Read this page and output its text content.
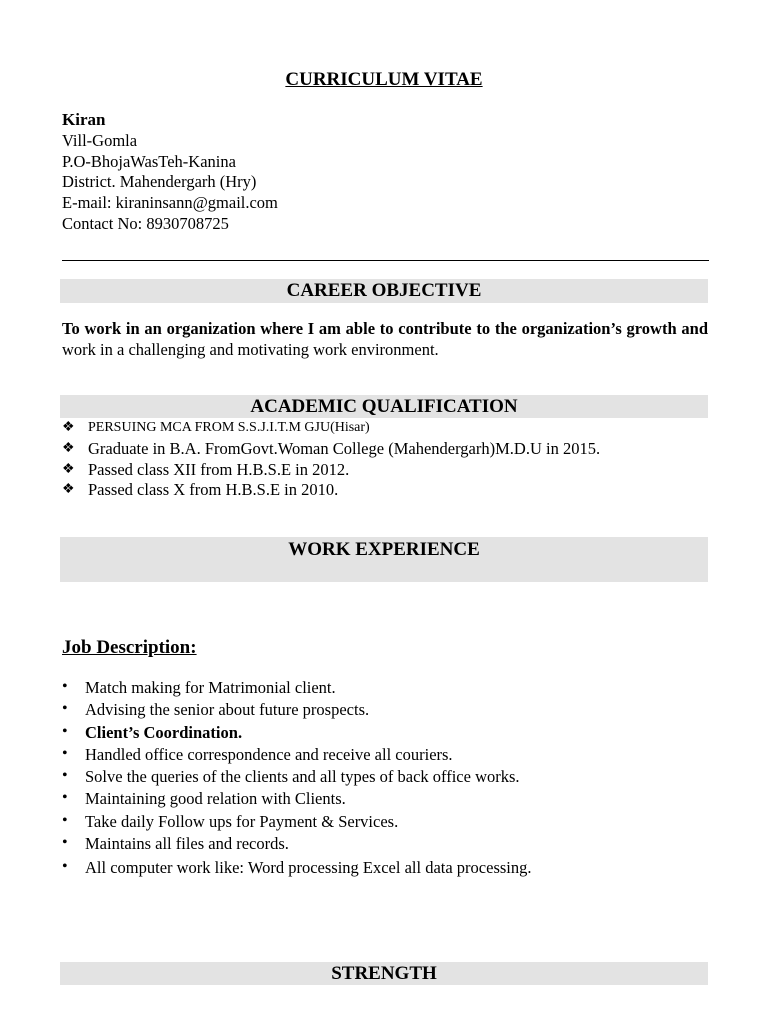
CURRICULUM VITAE
Kiran
Vill-Gomla
P.O-BhojaWasTeh-Kanina
District. Mahendergarh (Hry)
E-mail: kiraninsann@gmail.com
Contact No: 8930708725
CAREER OBJECTIVE
To work in an organization where I am able to contribute to the organization’s growth and
work in a challenging and motivating work environment.
ACADEMIC QUALIFICATION
❖ PERSUING MCA FROM S.S.J.I.T.M GJU(Hisar)
❖ Graduate in B.A. FromGovt.Woman College (Mahendergarh)M.D.U in 2015.
❖ Passed class XII from H.B.S.E in 2012.
❖ Passed class X from H.B.S.E in 2010.
WORK EXPERIENCE
Job Description:
•	Match making for Matrimonial client.
•	Advising the senior about future prospects.
•	Client’s Coordination.
•	Handled office correspondence and receive all couriers.
•	Solve the queries of the clients and all types of back office works.
•	Maintaining good relation with Clients.
•	Take daily Follow ups for Payment & Services.
•	Maintains all files and records.
•	All computer work like: Word processing Excel all data processing.
STRENGTH
